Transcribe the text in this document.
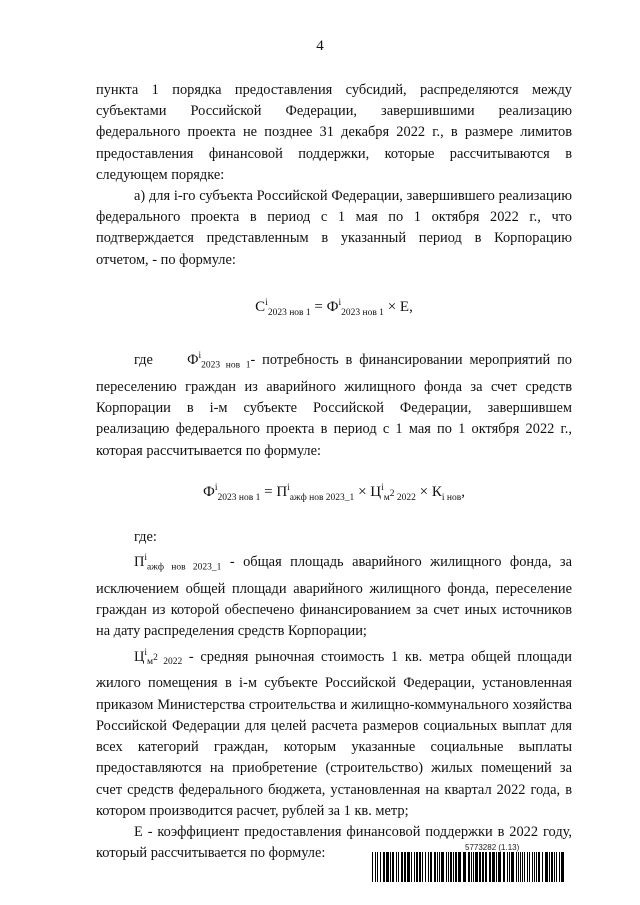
4

пункта 1 порядка предоставления субсидий, распределяются между субъектами Российской Федерации, завершившими реализацию федерального проекта не позднее 31 декабря 2022 г., в размере лимитов предоставления финансовой поддержки, которые рассчитываются в следующем порядке:

а) для i-го субъекта Российской Федерации, завершившего реализацию федерального проекта в период с 1 мая по 1 октября 2022 г., что подтверждается представленным в указанный период в Корпорацию отчетом, - по формуле:

$С^i_{2023 нов 1} = Ф^i_{2023 нов 1} \times Е$,

где $Ф^i_{2023 нов 1}-$ потребность в финансировании мероприятий по переселению граждан из аварийного жилищного фонда за счет средств Корпорации в i-м субъекте Российской Федерации, завершившем реализацию федерального проекта в период с 1 мая по 1 октября 2022 г., которая рассчитывается по формуле:

$Ф^i_{2023 нов 1} = П^i_{ажф нов 2023\_1} \times Ц^i_{м^2 2022} \times К_{i нов}$,

где:

$П^i_{ажф нов 2023\_1}$ - общая площадь аварийного жилищного фонда, за исключением общей площади аварийного жилищного фонда, переселение граждан из которой обеспечено финансированием за счет иных источников на дату распределения средств Корпорации;

$Ц^i_{м^2 2022}$ - средняя рыночная стоимость 1 кв. метра общей площади жилого помещения в i-м субъекте Российской Федерации, установленная приказом Министерства строительства и жилищно-коммунального хозяйства Российской Федерации для целей расчета размеров социальных выплат для всех категорий граждан, которым указанные социальные выплаты предоставляются на приобретение (строительство) жилых помещений за счет средств федерального бюджета, установленная на квартал 2022 года, в котором производится расчет, рублей за 1 кв. метр;

Е - коэффициент предоставления финансовой поддержки в 2022 году, который рассчитывается по формуле:	5773282 (1.13)
